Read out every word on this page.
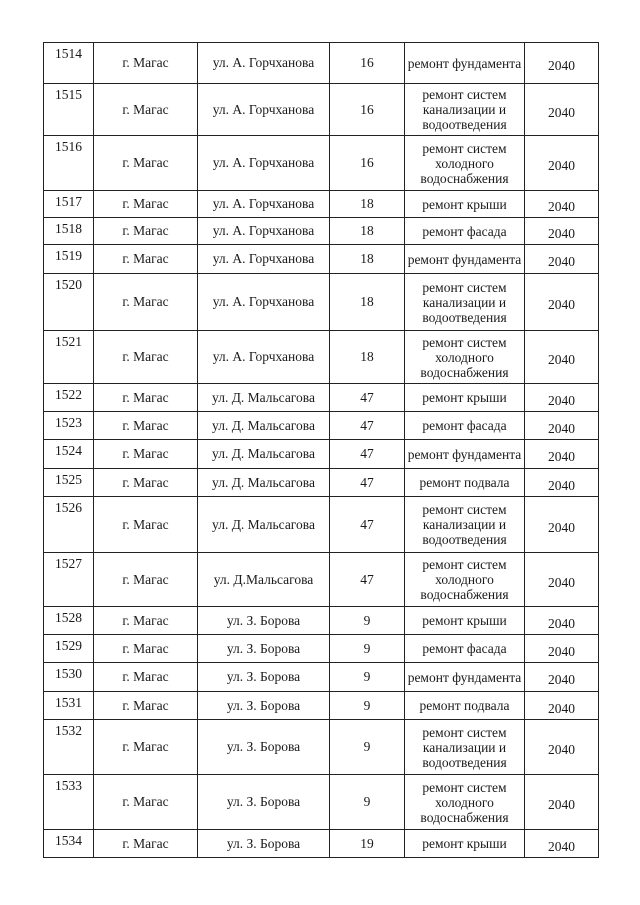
1514	г. Магас	ул. А. Горчханова	16	ремонт фундамента	2040
1515	г. Магас	ул. А. Горчханова	16	ремонт систем канализации и водоотведения	2040
1516	г. Магас	ул. А. Горчханова	16	ремонт систем холодного водоснабжения	2040
1517	г. Магас	ул. А. Горчханова	18	ремонт крыши	2040
1518	г. Магас	ул. А. Горчханова	18	ремонт фасада	2040
1519	г. Магас	ул. А. Горчханова	18	ремонт фундамента	2040
1520	г. Магас	ул. А. Горчханова	18	ремонт систем канализации и водоотведения	2040
1521	г. Магас	ул. А. Горчханова	18	ремонт систем холодного водоснабжения	2040
1522	г. Магас	ул. Д. Мальсагова	47	ремонт крыши	2040
1523	г. Магас	ул. Д. Мальсагова	47	ремонт фасада	2040
1524	г. Магас	ул. Д. Мальсагова	47	ремонт фундамента	2040
1525	г. Магас	ул. Д. Мальсагова	47	ремонт подвала	2040
1526	г. Магас	ул. Д. Мальсагова	47	ремонт систем канализации и водоотведения	2040
1527	г. Магас	ул. Д.Мальсагова	47	ремонт систем холодного водоснабжения	2040
1528	г. Магас	ул. З. Борова	9	ремонт крыши	2040
1529	г. Магас	ул. З. Борова	9	ремонт фасада	2040
1530	г. Магас	ул. З. Борова	9	ремонт фундамента	2040
1531	г. Магас	ул. З. Борова	9	ремонт подвала	2040
1532	г. Магас	ул. З. Борова	9	ремонт систем канализации и водоотведения	2040
1533	г. Магас	ул. З. Борова	9	ремонт систем холодного водоснабжения	2040
1534	г. Магас	ул. З. Борова	19	ремонт крыши	2040
